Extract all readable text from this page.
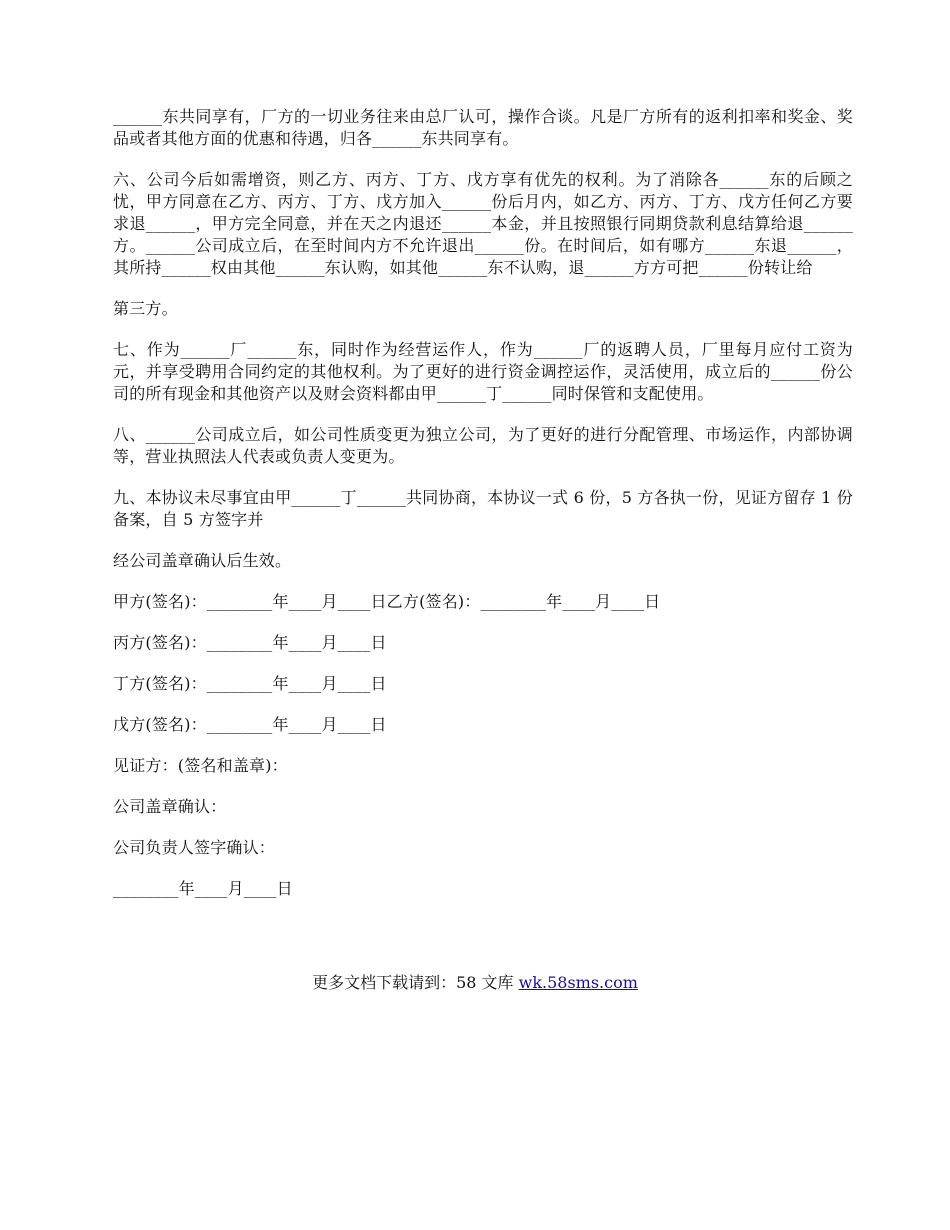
______东共同享有，厂方的一切业务往来由总厂认可，操作合谈。凡是厂方所有的返利扣率和奖金、奖品或者其他方面的优惠和待遇，归各______东共同享有。

六、公司今后如需增资，则乙方、丙方、丁方、戊方享有优先的权利。为了消除各______东的后顾之忧，甲方同意在乙方、丙方、丁方、戊方加入______份后月内，如乙方、丙方、丁方、戊方任何乙方要求退______，甲方完全同意，并在天之内退还______本金，并且按照银行同期贷款利息结算给退______方。______公司成立后，在至时间内方不允许退出______份。在时间后，如有哪方______东退______，其所持______权由其他______东认购，如其他______东不认购，退______方方可把______份转让给

第三方。

七、作为______厂______东，同时作为经营运作人，作为______厂的返聘人员，厂里每月应付工资为元，并享受聘用合同约定的其他权利。为了更好的进行资金调控运作，灵活使用，成立后的______份公司的所有现金和其他资产以及财会资料都由甲______丁______同时保管和支配使用。

八、______公司成立后，如公司性质变更为独立公司，为了更好的进行分配管理、市场运作，内部协调等，营业执照法人代表或负责人变更为。

九、本协议未尽事宜由甲______丁______共同协商，本协议一式 6 份，5 方各执一份，见证方留存 1 份备案，自 5 方签字并

经公司盖章确认后生效。

甲方(签名)：________年____月____日乙方(签名)：________年____月____日

丙方(签名)：________年____月____日

丁方(签名)：________年____月____日

戊方(签名)：________年____月____日

见证方：(签名和盖章)：

公司盖章确认：

公司负责人签字确认：

________年____月____日

更多文档下载请到：58 文库 wk.58sms.com
